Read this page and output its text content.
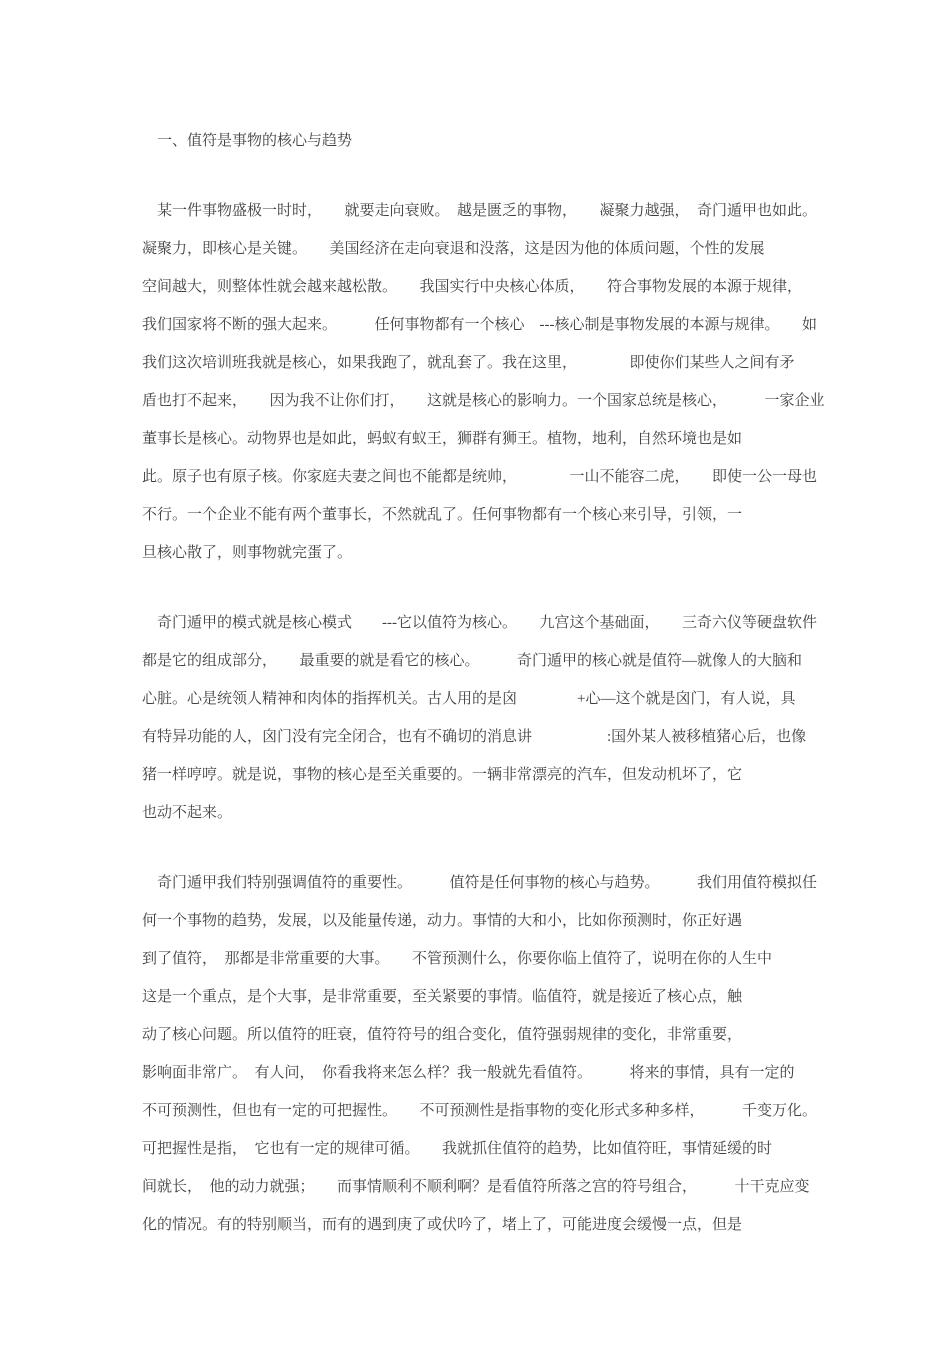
一、值符是事物的核心与趋势
某一件事物盛极一时时，　　就要走向衰败。　越是匮乏的事物，　　凝聚力越强，　奇门遁甲也如此。
凝聚力，即核心是关键。　　美国经济在走向衰退和没落，这是因为他的体质问题，个性的发展
空间越大，则整体性就会越来越松散。　　我国实行中央核心体质，　　符合事物发展的本源于规律，
我们国家将不断的强大起来。　　　任何事物都有一个核心　---核心制是事物发展的本源与规律。　　如
我们这次培训班我就是核心，如果我跑了，就乱套了。我在这里，　　　　即使你们某些人之间有矛
盾也打不起来，　　因为我不让你们打，　　这就是核心的影响力。一个国家总统是核心，　　　一家企业
董事长是核心。动物界也是如此，蚂蚁有蚁王，狮群有狮王。植物，地利，自然环境也是如
此。原子也有原子核。你家庭夫妻之间也不能都是统帅，　　　　一山不能容二虎，　　即使一公一母也
不行。一个企业不能有两个董事长，不然就乱了。任何事物都有一个核心来引导，引领，一
旦核心散了，则事物就完蛋了。
奇门遁甲的模式就是核心模式　　---它以值符为核心。　　九宫这个基础面，　　三奇六仪等硬盘软件
都是它的组成部分，　　最重要的就是看它的核心。　　　奇门遁甲的核心就是值符—就像人的大脑和
心脏。心是统领人精神和肉体的指挥机关。古人用的是囟　　　　+心—这个就是囟门，有人说，具
有特异功能的人，囟门没有完全闭合，也有不确切的消息讲　　　　　:国外某人被移植猪心后，也像
猪一样哼哼。就是说，事物的核心是至关重要的。一辆非常漂亮的汽车，但发动机坏了，它
也动不起来。
奇门遁甲我们特别强调值符的重要性。　　　值符是任何事物的核心与趋势。　　　我们用值符模拟任
何一个事物的趋势，发展，以及能量传递，动力。事情的大和小，比如你预测时，你正好遇
到了值符，　那都是非常重要的大事。　　不管预测什么，你要你临上值符了，说明在你的人生中
这是一个重点，是个大事，是非常重要，至关紧要的事情。临值符，就是接近了核心点，触
动了核心问题。所以值符的旺衰，值符符号的组合变化，值符强弱规律的变化，非常重要，
影响面非常广。　有人问，　你看我将来怎么样？我一般就先看值符。　　　将来的事情，具有一定的
不可预测性，但也有一定的可把握性。　　不可预测性是指事物的变化形式多种多样，　　　千变万化。
可把握性是指，　它也有一定的规律可循。　　我就抓住值符的趋势，比如值符旺，事情延缓的时
间就长，　他的动力就强；　　而事情顺利不顺利啊？是看值符所落之宫的符号组合，　　　十干克应变
化的情况。有的特别顺当，而有的遇到庚了或伏吟了，堵上了，可能进度会缓慢一点，但是
